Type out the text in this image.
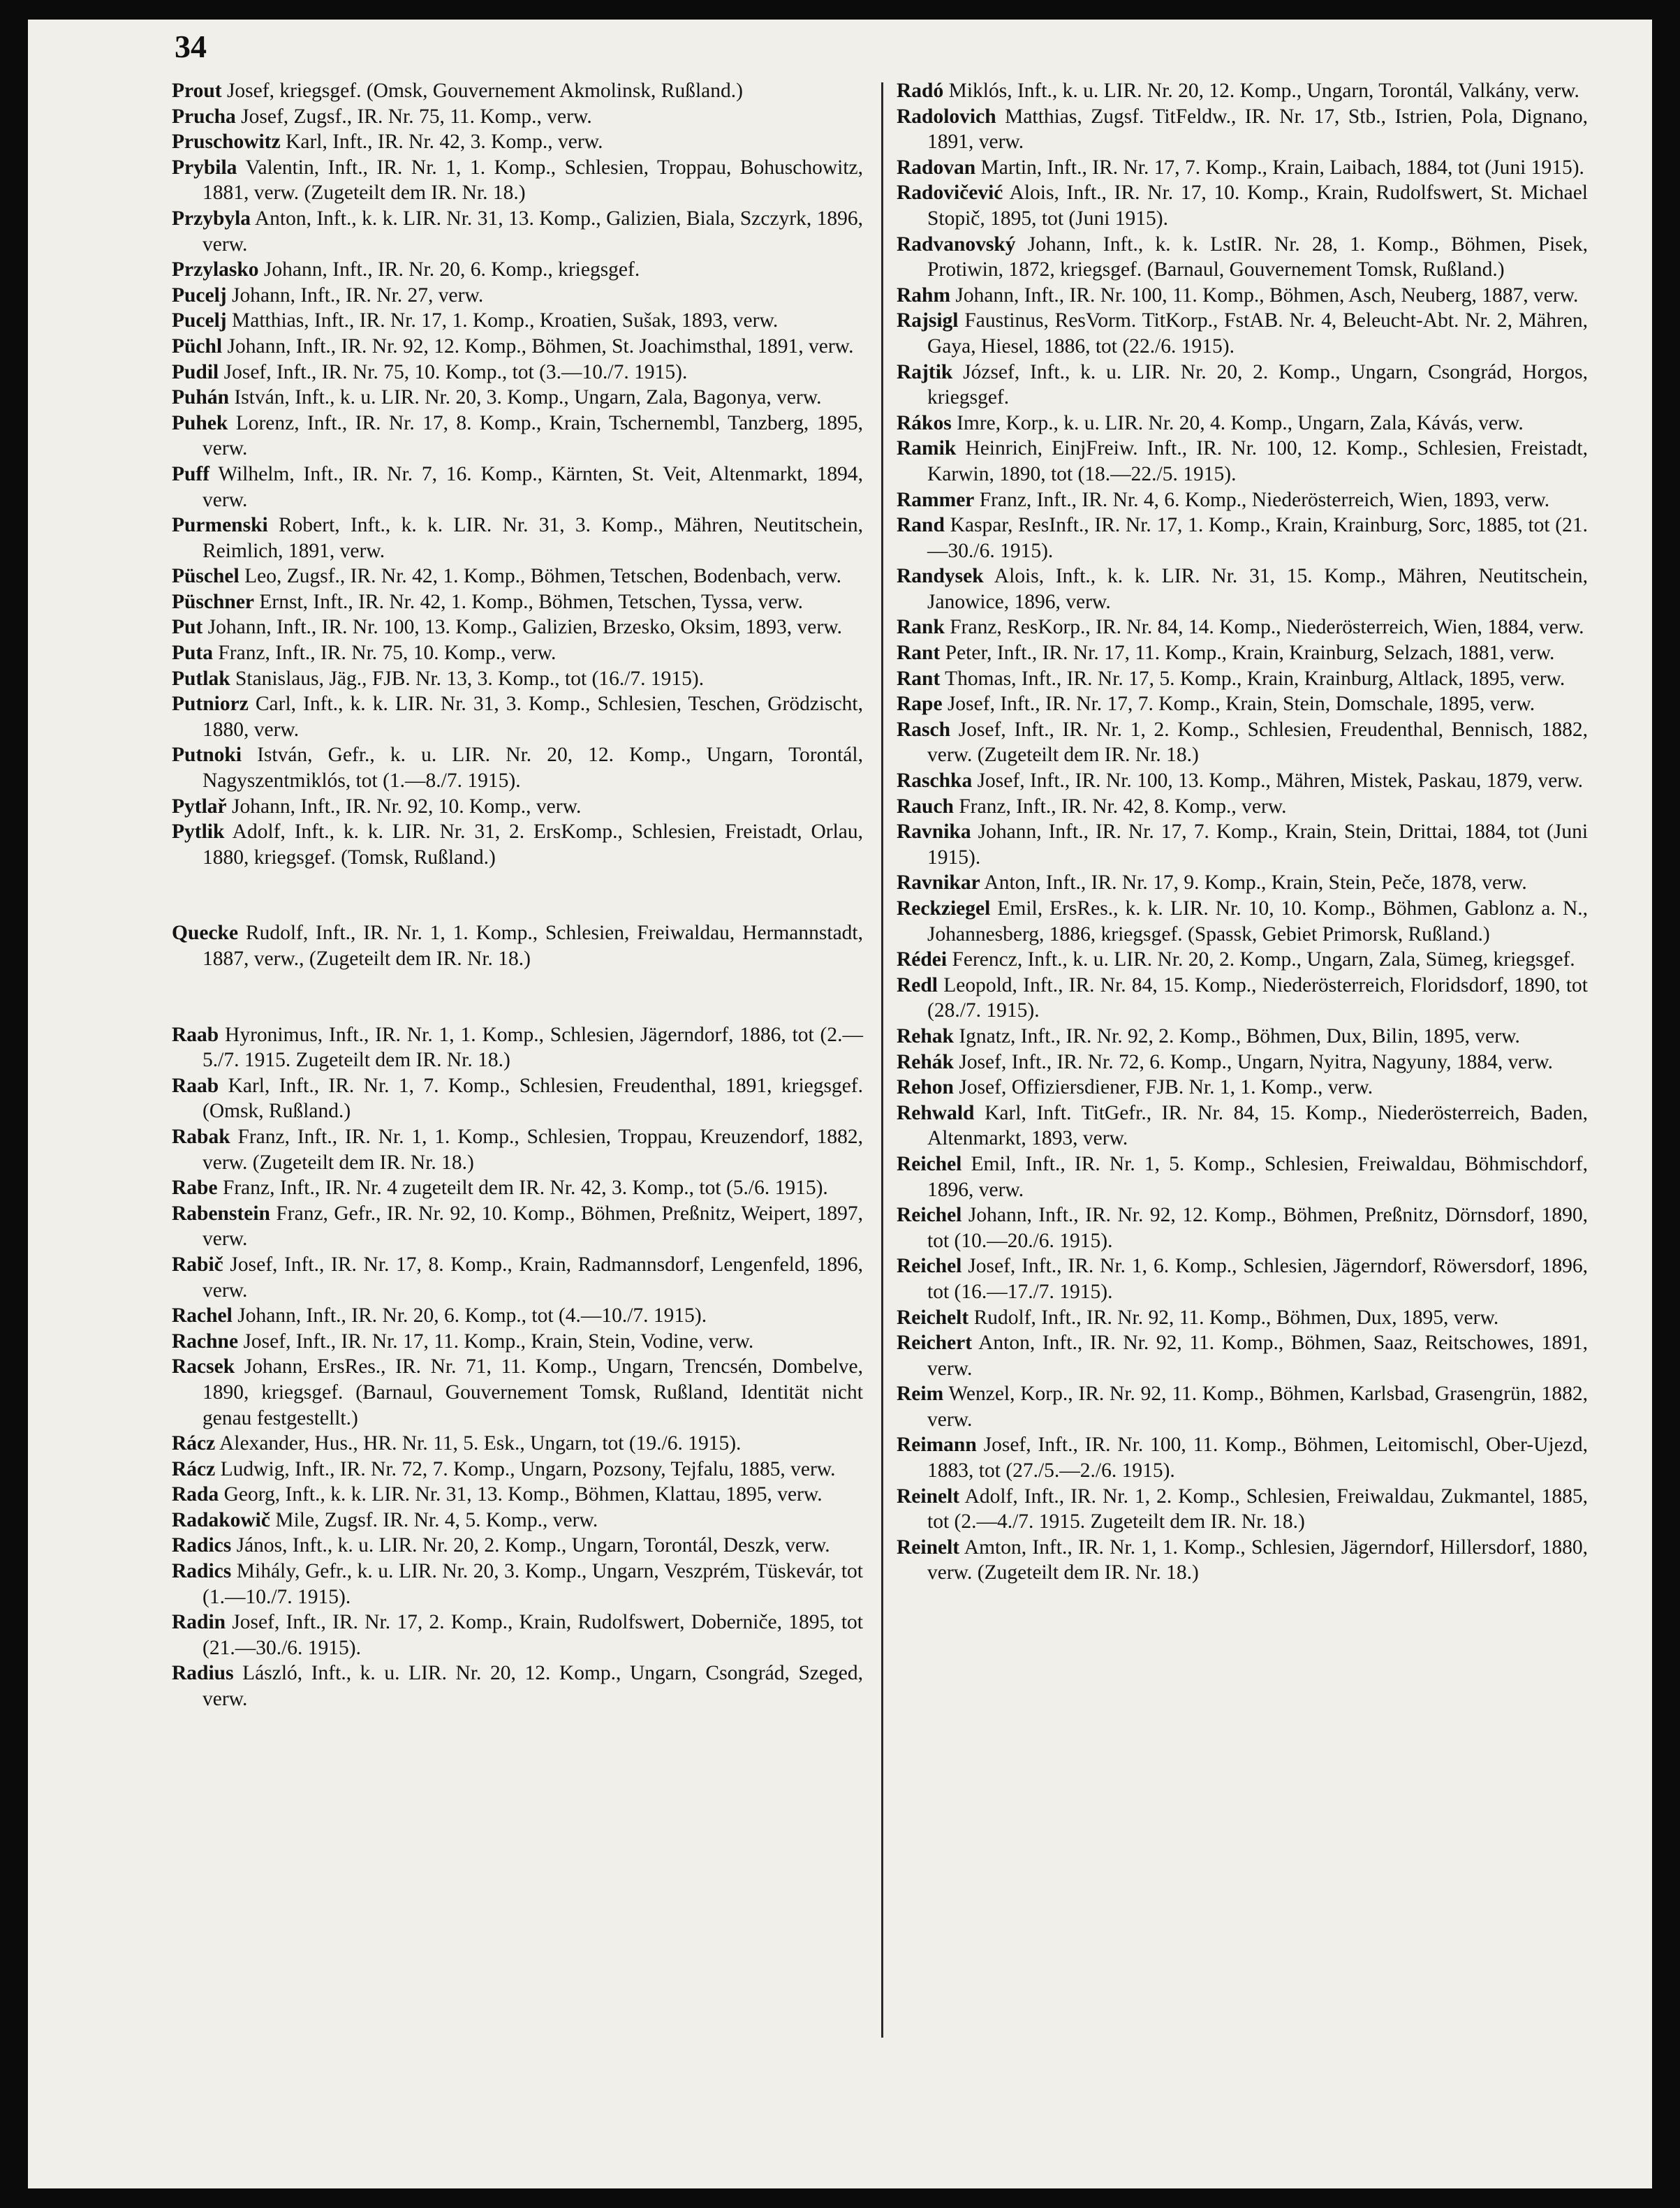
34

Prout Josef, kriegsgef. (Omsk, Gouvernement Akmolinsk, Rußland.)

Prucha Josef, Zugsf., IR. Nr. 75, 11. Komp., verw.

Pruschowitz Karl, Inft., IR. Nr. 42, 3. Komp., verw.

Prybila Valentin, Inft., IR. Nr. 1, 1. Komp., Schlesien, Troppau, Bohuschowitz, 1881, verw. (Zugeteilt dem IR. Nr. 18.)

Przybyla Anton, Inft., k. k. LIR. Nr. 31, 13. Komp., Galizien, Biala, Szczyrk, 1896, verw.

Przylasko Johann, Inft., IR. Nr. 20, 6. Komp., kriegsgef.

Pucelj Johann, Inft., IR. Nr. 27, verw.

Pucelj Matthias, Inft., IR. Nr. 17, 1. Komp., Kroatien, Sušak, 1893, verw.

Püchl Johann, Inft., IR. Nr. 92, 12. Komp., Böhmen, St. Joachimsthal, 1891, verw.

Pudil Josef, Inft., IR. Nr. 75, 10. Komp., tot (3.—10./7. 1915).

Puhán István, Inft., k. u. LIR. Nr. 20, 3. Komp., Ungarn, Zala, Bagonya, verw.

Puhek Lorenz, Inft., IR. Nr. 17, 8. Komp., Krain, Tschernembl, Tanzberg, 1895, verw.

Puff Wilhelm, Inft., IR. Nr. 7, 16. Komp., Kärnten, St. Veit, Altenmarkt, 1894, verw.

Purmenski Robert, Inft., k. k. LIR. Nr. 31, 3. Komp., Mähren, Neutitschein, Reimlich, 1891, verw.

Püschel Leo, Zugsf., IR. Nr. 42, 1. Komp., Böhmen, Tetschen, Bodenbach, verw.

Püschner Ernst, Inft., IR. Nr. 42, 1. Komp., Böhmen, Tetschen, Tyssa, verw.

Put Johann, Inft., IR. Nr. 100, 13. Komp., Galizien, Brzesko, Oksim, 1893, verw.

Puta Franz, Inft., IR. Nr. 75, 10. Komp., verw.

Putlak Stanislaus, Jäg., FJB. Nr. 13, 3. Komp., tot (16./7. 1915).

Putniorz Carl, Inft., k. k. LIR. Nr. 31, 3. Komp., Schlesien, Teschen, Grödzischt, 1880, verw.

Putnoki István, Gefr., k. u. LIR. Nr. 20, 12. Komp., Ungarn, Torontál, Nagyszentmiklós, tot (1.—8./7. 1915).

Pytlař Johann, Inft., IR. Nr. 92, 10. Komp., verw.

Pytlik Adolf, Inft., k. k. LIR. Nr. 31, 2. ErsKomp., Schlesien, Freistadt, Orlau, 1880, kriegsgef. (Tomsk, Rußland.)

Quecke Rudolf, Inft., IR. Nr. 1, 1. Komp., Schlesien, Freiwaldau, Hermannstadt, 1887, verw., (Zugeteilt dem IR. Nr. 18.)

Raab Hyronimus, Inft., IR. Nr. 1, 1. Komp., Schlesien, Jägerndorf, 1886, tot (2.—5./7. 1915. Zugeteilt dem IR. Nr. 18.)

Raab Karl, Inft., IR. Nr. 1, 7. Komp., Schlesien, Freudenthal, 1891, kriegsgef. (Omsk, Rußland.)

Rabak Franz, Inft., IR. Nr. 1, 1. Komp., Schlesien, Troppau, Kreuzendorf, 1882, verw. (Zugeteilt dem IR. Nr. 18.)

Rabe Franz, Inft., IR. Nr. 4 zugeteilt dem IR. Nr. 42, 3. Komp., tot (5./6. 1915).

Rabenstein Franz, Gefr., IR. Nr. 92, 10. Komp., Böhmen, Preßnitz, Weipert, 1897, verw.

Rabič Josef, Inft., IR. Nr. 17, 8. Komp., Krain, Radmannsdorf, Lengenfeld, 1896, verw.

Rachel Johann, Inft., IR. Nr. 20, 6. Komp., tot (4.—10./7. 1915).

Rachne Josef, Inft., IR. Nr. 17, 11. Komp., Krain, Stein, Vodine, verw.

Racsek Johann, ErsRes., IR. Nr. 71, 11. Komp., Ungarn, Trencsén, Dombelve, 1890, kriegsgef. (Barnaul, Gouvernement Tomsk, Rußland, Identität nicht genau festgestellt.)

Rácz Alexander, Hus., HR. Nr. 11, 5. Esk., Ungarn, tot (19./6. 1915).

Rácz Ludwig, Inft., IR. Nr. 72, 7. Komp., Ungarn, Pozsony, Tejfalu, 1885, verw.

Rada Georg, Inft., k. k. LIR. Nr. 31, 13. Komp., Böhmen, Klattau, 1895, verw.

Radakowič Mile, Zugsf. IR. Nr. 4, 5. Komp., verw.

Radics János, Inft., k. u. LIR. Nr. 20, 2. Komp., Ungarn, Torontál, Deszk, verw.

Radics Mihály, Gefr., k. u. LIR. Nr. 20, 3. Komp., Ungarn, Veszprém, Tüskevár, tot (1.—10./7. 1915).

Radin Josef, Inft., IR. Nr. 17, 2. Komp., Krain, Rudolfswert, Doberniče, 1895, tot (21.—30./6. 1915).

Radius László, Inft., k. u. LIR. Nr. 20, 12. Komp., Ungarn, Csongrád, Szeged, verw.

Radó Miklós, Inft., k. u. LIR. Nr. 20, 12. Komp., Ungarn, Torontál, Valkány, verw.

Radolovich Matthias, Zugsf. TitFeldw., IR. Nr. 17, Stb., Istrien, Pola, Dignano, 1891, verw.

Radovan Martin, Inft., IR. Nr. 17, 7. Komp., Krain, Laibach, 1884, tot (Juni 1915).

Radovičević Alois, Inft., IR. Nr. 17, 10. Komp., Krain, Rudolfswert, St. Michael Stopič, 1895, tot (Juni 1915).

Radvanovský Johann, Inft., k. k. LstIR. Nr. 28, 1. Komp., Böhmen, Pisek, Protiwin, 1872, kriegsgef. (Barnaul, Gouvernement Tomsk, Rußland.)

Rahm Johann, Inft., IR. Nr. 100, 11. Komp., Böhmen, Asch, Neuberg, 1887, verw.

Rajsigl Faustinus, ResVorm. TitKorp., FstAB. Nr. 4, Beleucht-Abt. Nr. 2, Mähren, Gaya, Hiesel, 1886, tot (22./6. 1915).

Rajtik József, Inft., k. u. LIR. Nr. 20, 2. Komp., Ungarn, Csongrád, Horgos, kriegsgef.

Rákos Imre, Korp., k. u. LIR. Nr. 20, 4. Komp., Ungarn, Zala, Kávás, verw.

Ramik Heinrich, EinjFreiw. Inft., IR. Nr. 100, 12. Komp., Schlesien, Freistadt, Karwin, 1890, tot (18.—22./5. 1915).

Rammer Franz, Inft., IR. Nr. 4, 6. Komp., Niederösterreich, Wien, 1893, verw.

Rand Kaspar, ResInft., IR. Nr. 17, 1. Komp., Krain, Krainburg, Sorc, 1885, tot (21.—30./6. 1915).

Randysek Alois, Inft., k. k. LIR. Nr. 31, 15. Komp., Mähren, Neutitschein, Janowice, 1896, verw.

Rank Franz, ResKorp., IR. Nr. 84, 14. Komp., Niederösterreich, Wien, 1884, verw.

Rant Peter, Inft., IR. Nr. 17, 11. Komp., Krain, Krainburg, Selzach, 1881, verw.

Rant Thomas, Inft., IR. Nr. 17, 5. Komp., Krain, Krainburg, Altlack, 1895, verw.

Rape Josef, Inft., IR. Nr. 17, 7. Komp., Krain, Stein, Domschale, 1895, verw.

Rasch Josef, Inft., IR. Nr. 1, 2. Komp., Schlesien, Freudenthal, Bennisch, 1882, verw. (Zugeteilt dem IR. Nr. 18.)

Raschka Josef, Inft., IR. Nr. 100, 13. Komp., Mähren, Mistek, Paskau, 1879, verw.

Rauch Franz, Inft., IR. Nr. 42, 8. Komp., verw.

Ravnika Johann, Inft., IR. Nr. 17, 7. Komp., Krain, Stein, Drittai, 1884, tot (Juni 1915).

Ravnikar Anton, Inft., IR. Nr. 17, 9. Komp., Krain, Stein, Peče, 1878, verw.

Reckziegel Emil, ErsRes., k. k. LIR. Nr. 10, 10. Komp., Böhmen, Gablonz a. N., Johannesberg, 1886, kriegsgef. (Spassk, Gebiet Primorsk, Rußland.)

Rédei Ferencz, Inft., k. u. LIR. Nr. 20, 2. Komp., Ungarn, Zala, Sümeg, kriegsgef.

Redl Leopold, Inft., IR. Nr. 84, 15. Komp., Niederösterreich, Floridsdorf, 1890, tot (28./7. 1915).

Rehak Ignatz, Inft., IR. Nr. 92, 2. Komp., Böhmen, Dux, Bilin, 1895, verw.

Rehák Josef, Inft., IR. Nr. 72, 6. Komp., Ungarn, Nyitra, Nagyuny, 1884, verw.

Rehon Josef, Offiziersdiener, FJB. Nr. 1, 1. Komp., verw.

Rehwald Karl, Inft. TitGefr., IR. Nr. 84, 15. Komp., Niederösterreich, Baden, Altenmarkt, 1893, verw.

Reichel Emil, Inft., IR. Nr. 1, 5. Komp., Schlesien, Freiwaldau, Böhmischdorf, 1896, verw.

Reichel Johann, Inft., IR. Nr. 92, 12. Komp., Böhmen, Preßnitz, Dörnsdorf, 1890, tot (10.—20./6. 1915).

Reichel Josef, Inft., IR. Nr. 1, 6. Komp., Schlesien, Jägerndorf, Röwersdorf, 1896, tot (16.—17./7. 1915).

Reichelt Rudolf, Inft., IR. Nr. 92, 11. Komp., Böhmen, Dux, 1895, verw.

Reichert Anton, Inft., IR. Nr. 92, 11. Komp., Böhmen, Saaz, Reitschowes, 1891, verw.

Reim Wenzel, Korp., IR. Nr. 92, 11. Komp., Böhmen, Karlsbad, Grasengrün, 1882, verw.

Reimann Josef, Inft., IR. Nr. 100, 11. Komp., Böhmen, Leitomischl, Ober-Ujezd, 1883, tot (27./5.—2./6. 1915).

Reinelt Adolf, Inft., IR. Nr. 1, 2. Komp., Schlesien, Freiwaldau, Zukmantel, 1885, tot (2.—4./7. 1915. Zugeteilt dem IR. Nr. 18.)

Reinelt Amton, Inft., IR. Nr. 1, 1. Komp., Schlesien, Jägerndorf, Hillersdorf, 1880, verw. (Zugeteilt dem IR. Nr. 18.)
